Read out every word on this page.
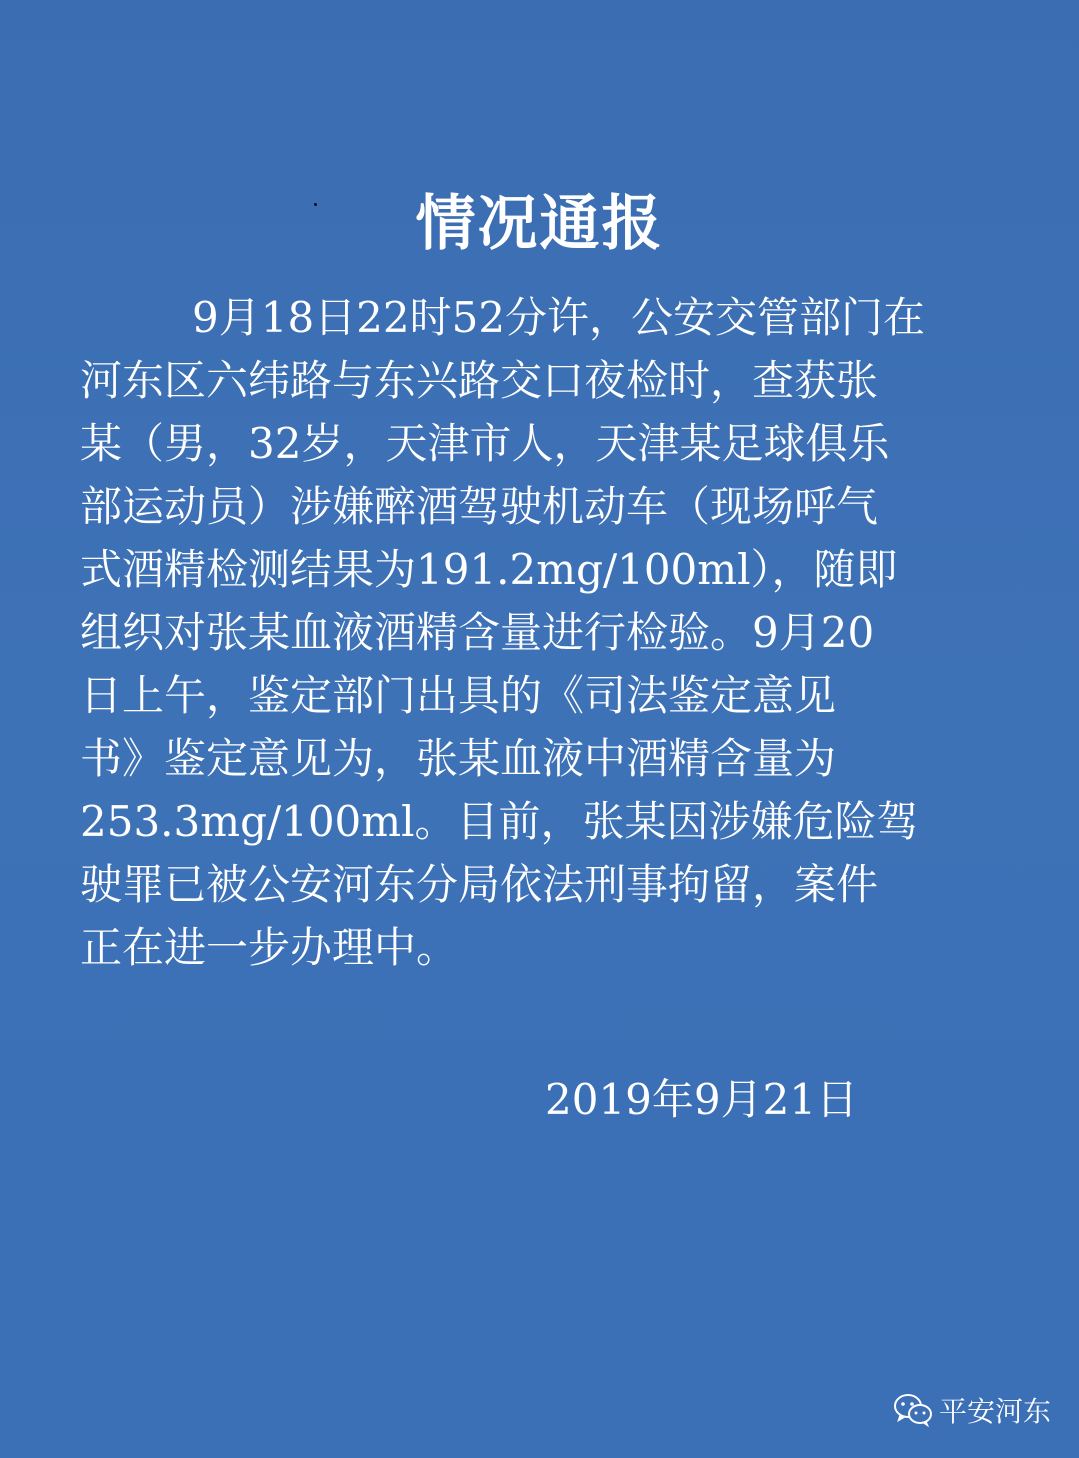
情况通报
9月18日22时52分许，公安交管部门在
河东区六纬路与东兴路交口夜检时，查获张
某（男，32岁，天津市人，天津某足球俱乐
部运动员）涉嫌醉酒驾驶机动车（现场呼气
式酒精检测结果为191.2mg/100ml），随即
组织对张某血液酒精含量进行检验。9月20
日上午，鉴定部门出具的《司法鉴定意见
书》鉴定意见为，张某血液中酒精含量为
253.3mg/100ml。目前，张某因涉嫌危险驾
驶罪已被公安河东分局依法刑事拘留，案件
正在进一步办理中。
2019年9月21日
平安河东
